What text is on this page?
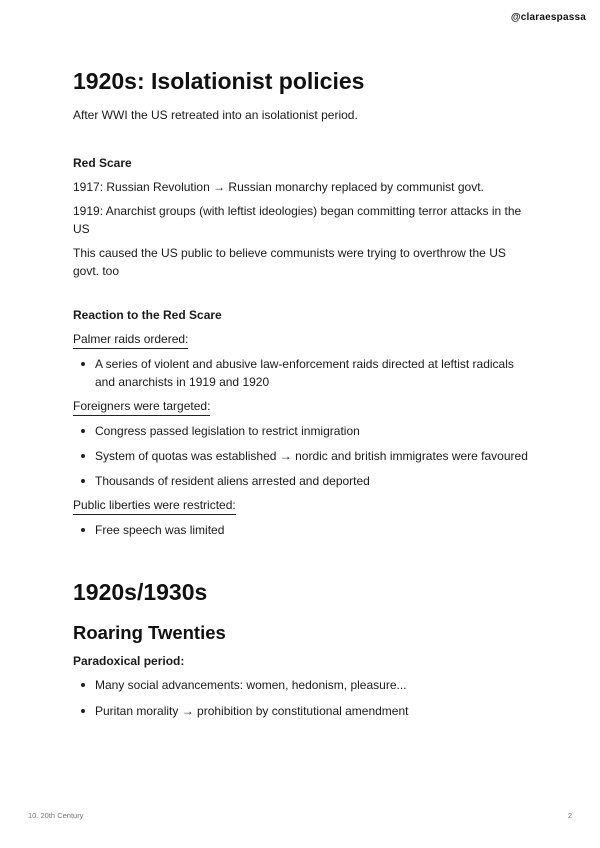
@claraespassa
1920s: Isolationist policies

After WWI the US retreated into an isolationist period.

Red Scare

1917: Russian Revolution → Russian monarchy replaced by communist govt.

1919: Anarchist groups (with leftist ideologies) began committing terror attacks in the US

This caused the US public to believe communists were trying to overthrow the US govt. too

Reaction to the Red Scare
Palmer raids ordered:
A series of violent and abusive law-enforcement raids directed at leftist radicals and anarchists in 1919 and 1920
Foreigners were targeted:
Congress passed legislation to restrict inmigration
System of quotas was established → nordic and british immigrates were favoured
Thousands of resident aliens arrested and deported
Public liberties were restricted:
Free speech was limited
1920s/1930s
Roaring Twenties
Paradoxical period:
Many social advancements: women, hedonism, pleasure...
Puritan morality → prohibition by constitutional amendment
10. 20th Century	2
